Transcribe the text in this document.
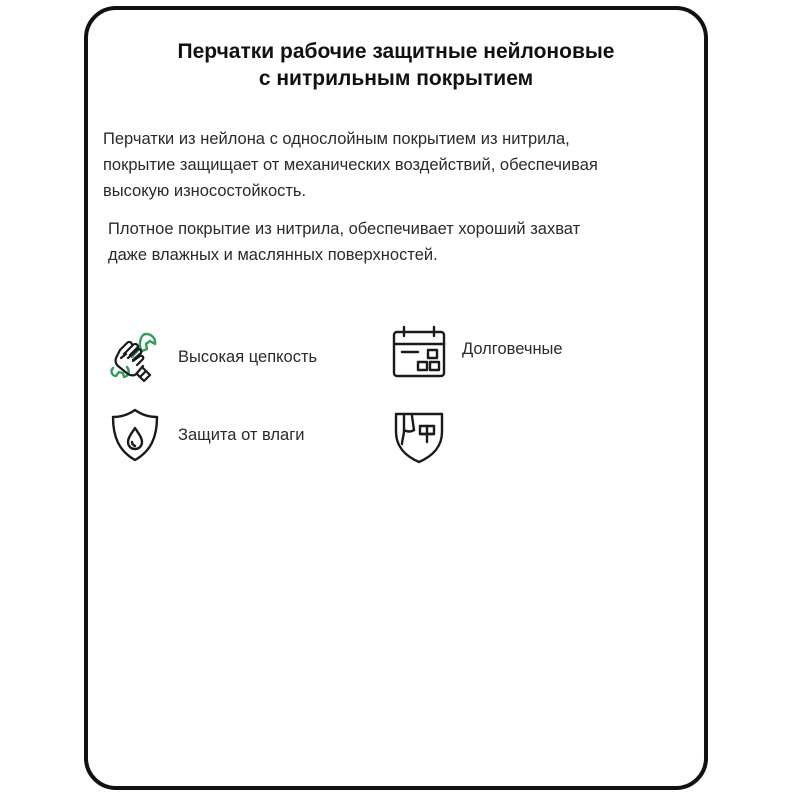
Перчатки рабочие защитные нейлоновые
с нитрильным покрытием
Перчатки из нейлона с однослойным покрытием из нитрила,
покрытие защищает от механических воздействий, обеспечивая
высокую износостойкость.
Плотное покрытие из нитрила, обеспечивает хороший захват
даже влажных и маслянных поверхностей.
Высокая цепкость	Долговечные
Защита от влаги
